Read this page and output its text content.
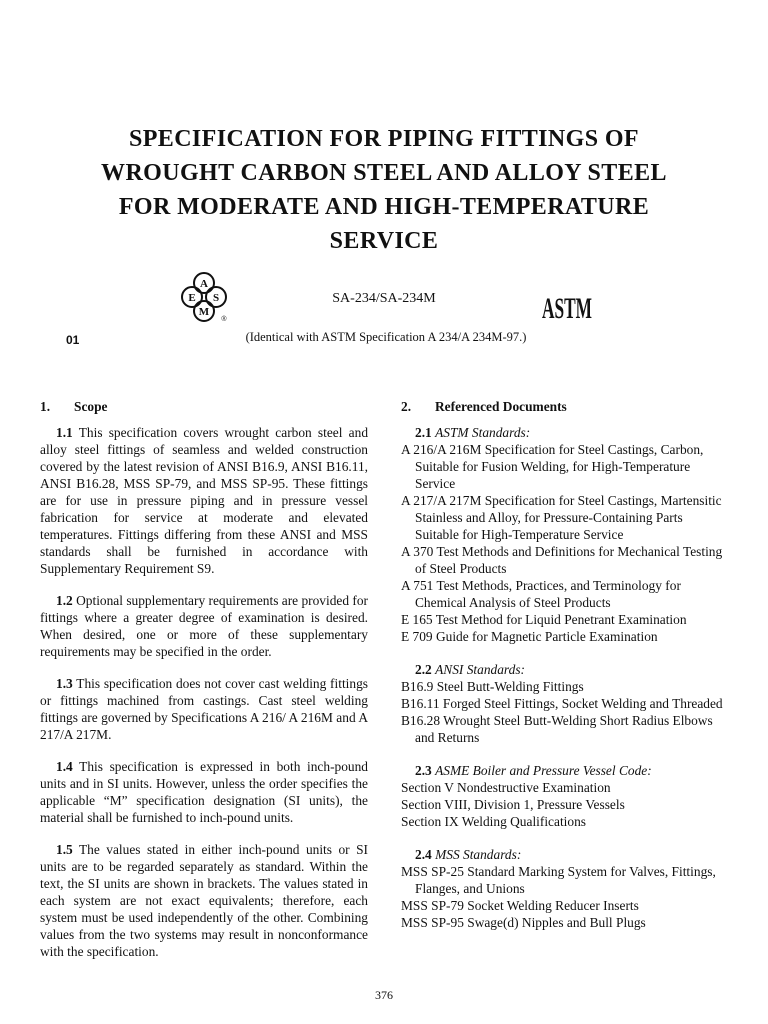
SPECIFICATION FOR PIPING FITTINGS OF
WROUGHT CARBON STEEL AND ALLOY STEEL
FOR MODERATE AND HIGH-TEMPERATURE
SERVICE
A
E S
M
®
SA-234/SA-234M	ASTM
01	(Identical with ASTM Specification A 234/A 234M-97.)
1. Scope

1.1 This specification covers wrought carbon steel and alloy steel fittings of seamless and welded construction covered by the latest revision of ANSI B16.9, ANSI B16.11, ANSI B16.28, MSS SP-79, and MSS SP-95. These fittings are for use in pressure piping and in pressure vessel fabrication for service at moderate and elevated temperatures. Fittings differing from these ANSI and MSS standards shall be furnished in accordance with Supplementary Requirement S9.

1.2 Optional supplementary requirements are provided for fittings where a greater degree of examination is desired. When desired, one or more of these supplementary requirements may be specified in the order.

1.3 This specification does not cover cast welding fittings or fittings machined from castings. Cast steel welding fittings are governed by Specifications A 216/ A 216M and A 217/A 217M.

1.4 This specification is expressed in both inch-pound units and in SI units. However, unless the order specifies the applicable “M” specification designation (SI units), the material shall be furnished to inch-pound units.

1.5 The values stated in either inch-pound units or SI units are to be regarded separately as standard. Within the text, the SI units are shown in brackets. The values stated in each system are not exact equivalents; therefore, each system must be used independently of the other. Combining values from the two systems may result in nonconformance with the specification.

2. Referenced Documents

2.1 ASTM Standards:

A 216/A 216M Specification for Steel Castings, Carbon, Suitable for Fusion Welding, for High-Temperature Service

A 217/A 217M Specification for Steel Castings, Martensitic Stainless and Alloy, for Pressure-Containing Parts Suitable for High-Temperature Service

A 370 Test Methods and Definitions for Mechanical Testing of Steel Products

A 751 Test Methods, Practices, and Terminology for Chemical Analysis of Steel Products

E 165 Test Method for Liquid Penetrant Examination

E 709 Guide for Magnetic Particle Examination

2.2 ANSI Standards:

B16.9 Steel Butt-Welding Fittings

B16.11 Forged Steel Fittings, Socket Welding and Threaded

B16.28 Wrought Steel Butt-Welding Short Radius Elbows and Returns

2.3 ASME Boiler and Pressure Vessel Code:

Section V Nondestructive Examination

Section VIII, Division 1, Pressure Vessels

Section IX Welding Qualifications

2.4 MSS Standards:

MSS SP-25 Standard Marking System for Valves, Fittings, Flanges, and Unions

MSS SP-79 Socket Welding Reducer Inserts

MSS SP-95 Swage(d) Nipples and Bull Plugs

376
